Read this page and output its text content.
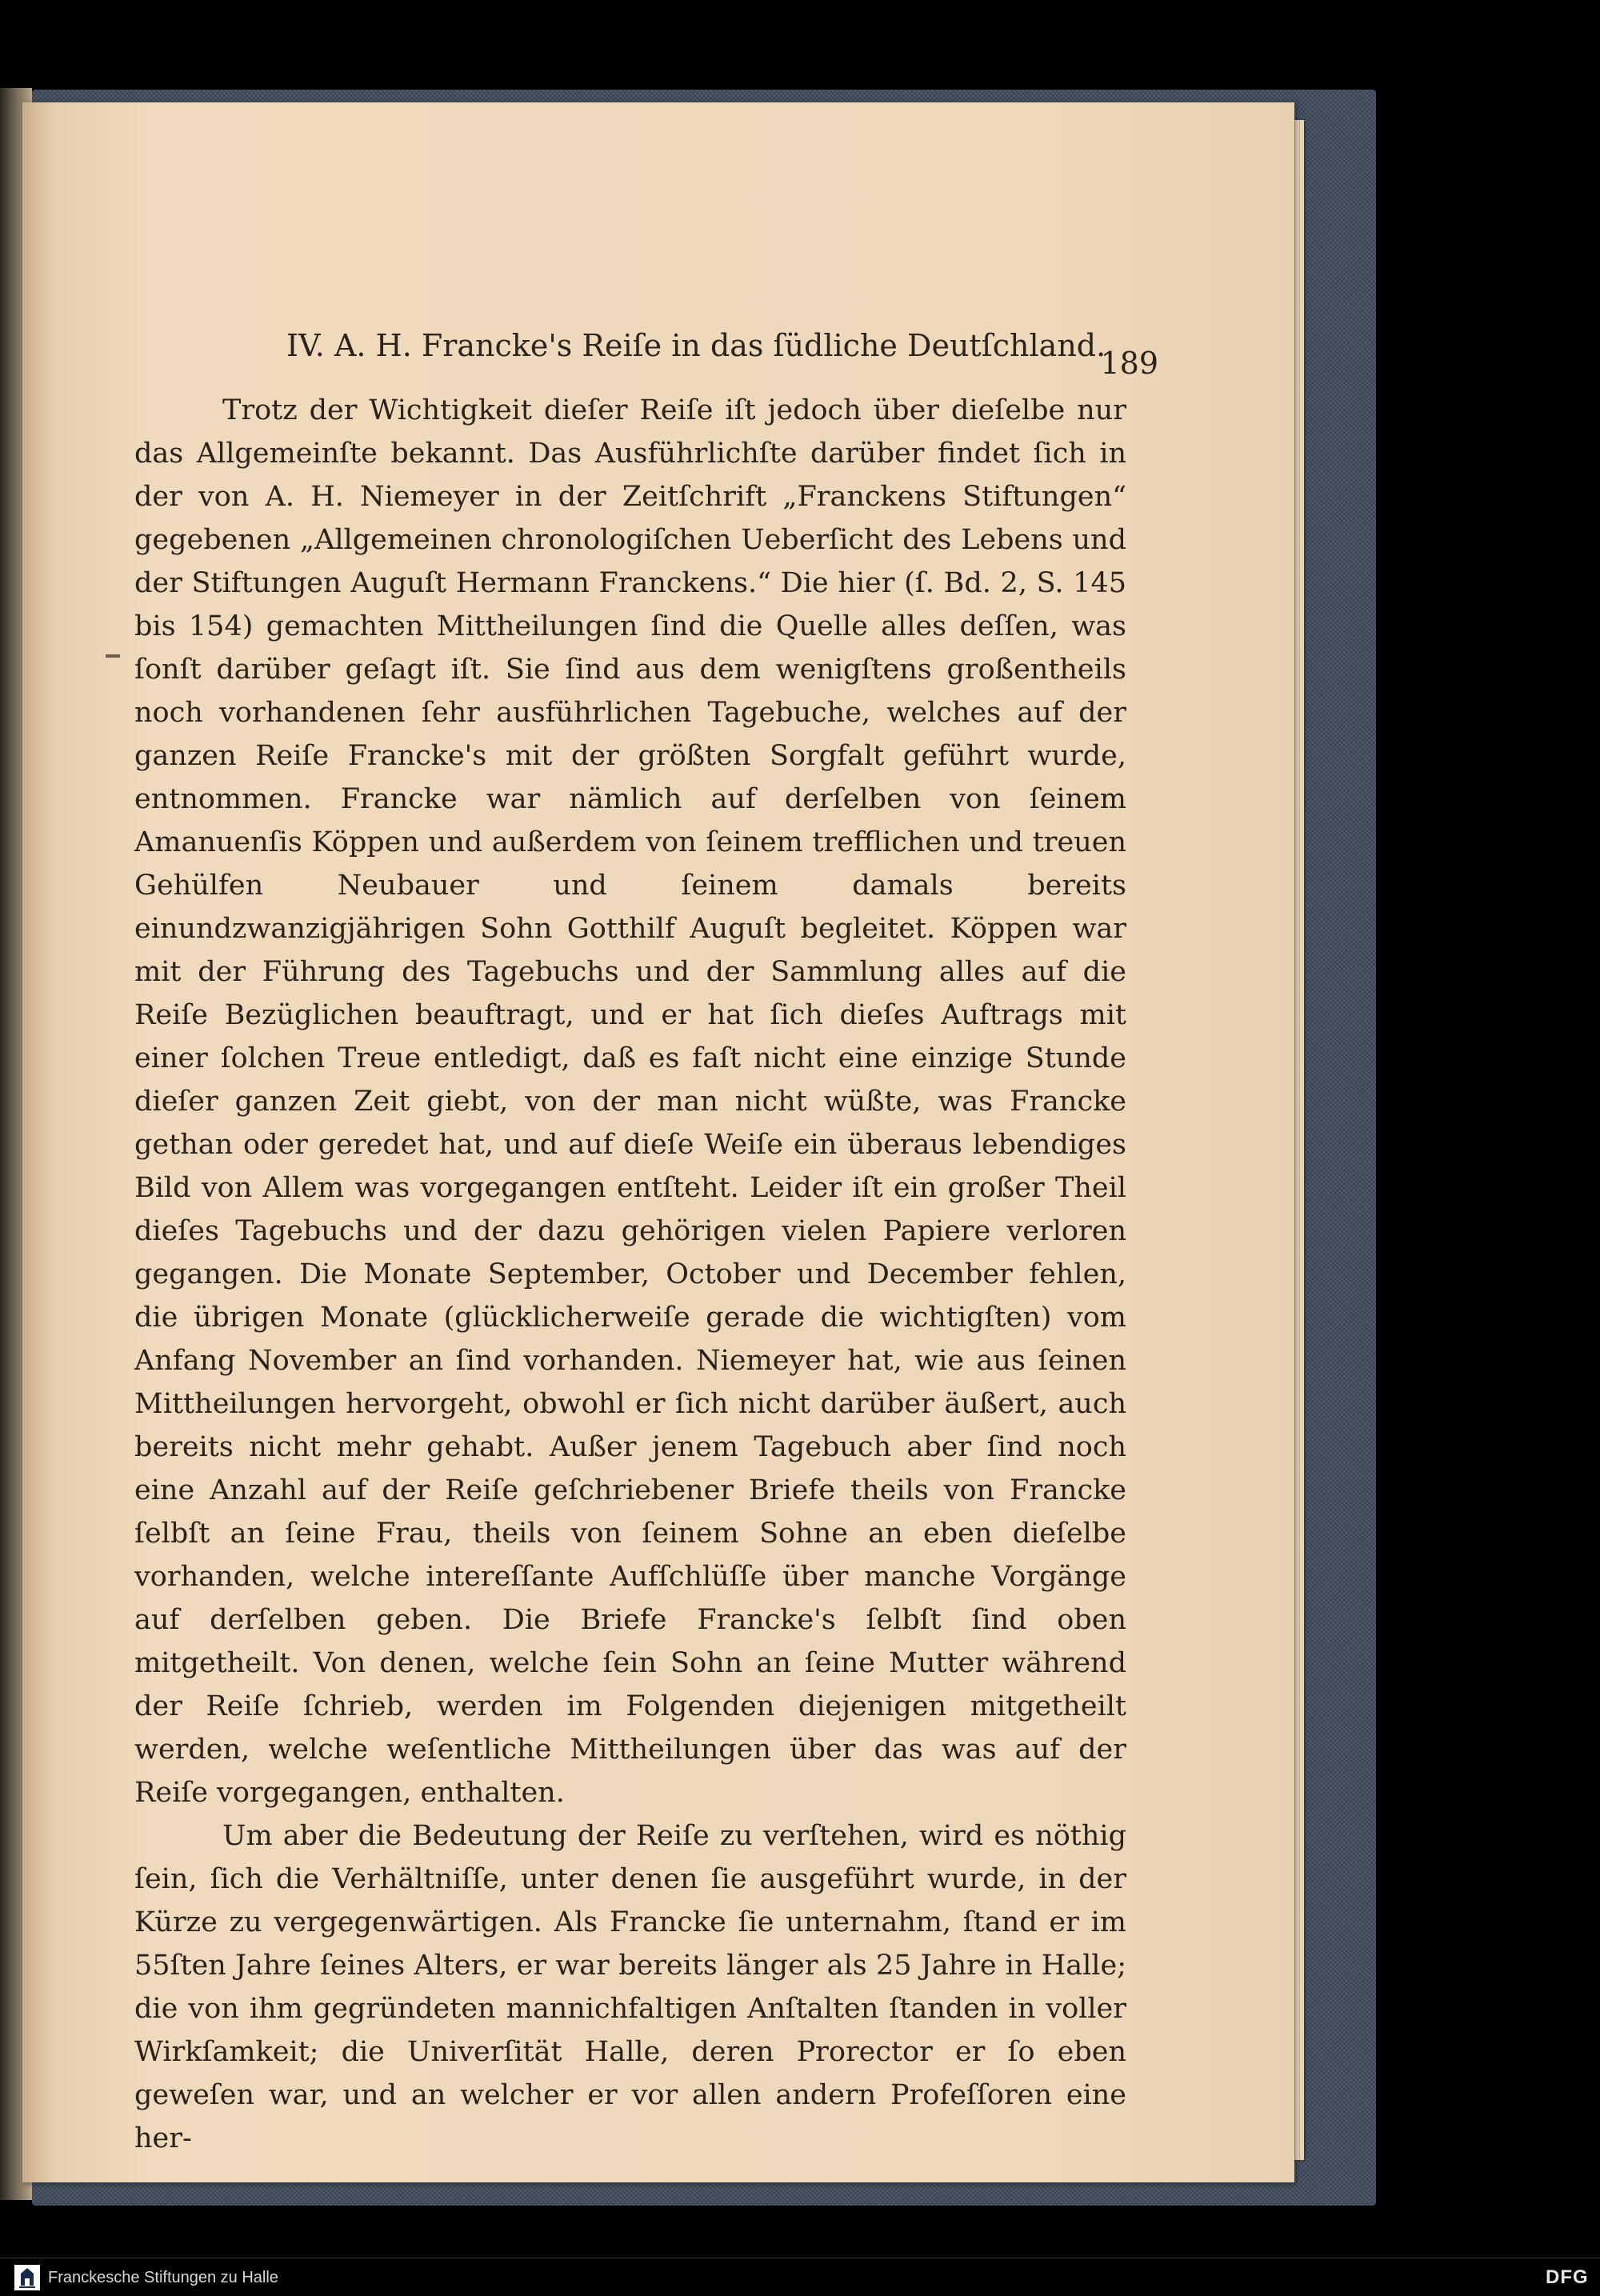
IV. A. H. Francke's Reiſe in das ſüdliche Deutſchland.
189

Trotz der Wichtigkeit dieſer Reiſe iſt jedoch über dieſelbe nur das Allgemeinſte bekannt. Das Ausführlichſte darüber findet ſich in der von A. H. Niemeyer in der Zeitſchrift „Franckens Stiftungen“ gegebenen „Allgemeinen chronologiſchen Ueberſicht des Lebens und der Stiftungen Auguſt Hermann Franckens.“ Die hier (ſ. Bd. 2, S. 145 bis 154) gemachten Mittheilungen ſind die Quelle alles deſſen, was ſonſt darüber geſagt iſt. Sie ſind aus dem wenigſtens großentheils noch vorhandenen ſehr ausführlichen Tagebuche, welches auf der ganzen Reiſe Francke's mit der größten Sorgfalt geführt wurde, entnommen. Francke war nämlich auf derſelben von ſeinem Amanuenſis Köppen und außerdem von ſeinem trefflichen und treuen Gehülfen Neubauer und ſeinem damals bereits einundzwanzigjährigen Sohn Gotthilf Auguſt begleitet. Köppen war mit der Führung des Tagebuchs und der Sammlung alles auf die Reiſe Bezüglichen beauftragt, und er hat ſich dieſes Auftrags mit einer ſolchen Treue entledigt, daß es faſt nicht eine einzige Stunde dieſer ganzen Zeit giebt, von der man nicht wüßte, was Francke gethan oder geredet hat, und auf dieſe Weiſe ein überaus lebendiges Bild von Allem was vorgegangen entſteht. Leider iſt ein großer Theil dieſes Tagebuchs und der dazu gehörigen vielen Papiere verloren gegangen. Die Monate September, October und December fehlen, die übrigen Monate (glücklicherweiſe gerade die wichtigſten) vom Anfang November an ſind vorhanden. Niemeyer hat, wie aus ſeinen Mittheilungen hervorgeht, obwohl er ſich nicht darüber äußert, auch bereits nicht mehr gehabt. Außer jenem Tagebuch aber ſind noch eine Anzahl auf der Reiſe geſchriebener Briefe theils von Francke ſelbſt an ſeine Frau, theils von ſeinem Sohne an eben dieſelbe vorhanden, welche intereſſante Aufſchlüſſe über manche Vorgänge auf derſelben geben. Die Briefe Francke's ſelbſt ſind oben mitgetheilt. Von denen, welche ſein Sohn an ſeine Mutter während der Reiſe ſchrieb, werden im Folgenden diejenigen mitgetheilt werden, welche weſentliche Mittheilungen über das was auf der Reiſe vorgegangen, enthalten.

Um aber die Bedeutung der Reiſe zu verſtehen, wird es nöthig ſein, ſich die Verhältniſſe, unter denen ſie ausgeführt wurde, in der Kürze zu vergegenwärtigen. Als Francke ſie unternahm, ſtand er im 55ſten Jahre ſeines Alters, er war bereits länger als 25 Jahre in Halle; die von ihm gegründeten mannichfaltigen Anſtalten ſtanden in voller Wirkſamkeit; die Univerſität Halle, deren Prorector er ſo eben geweſen war, und an welcher er vor allen andern Profeſſoren eine her-

Franckesche Stiftungen zu Halle	DFG
